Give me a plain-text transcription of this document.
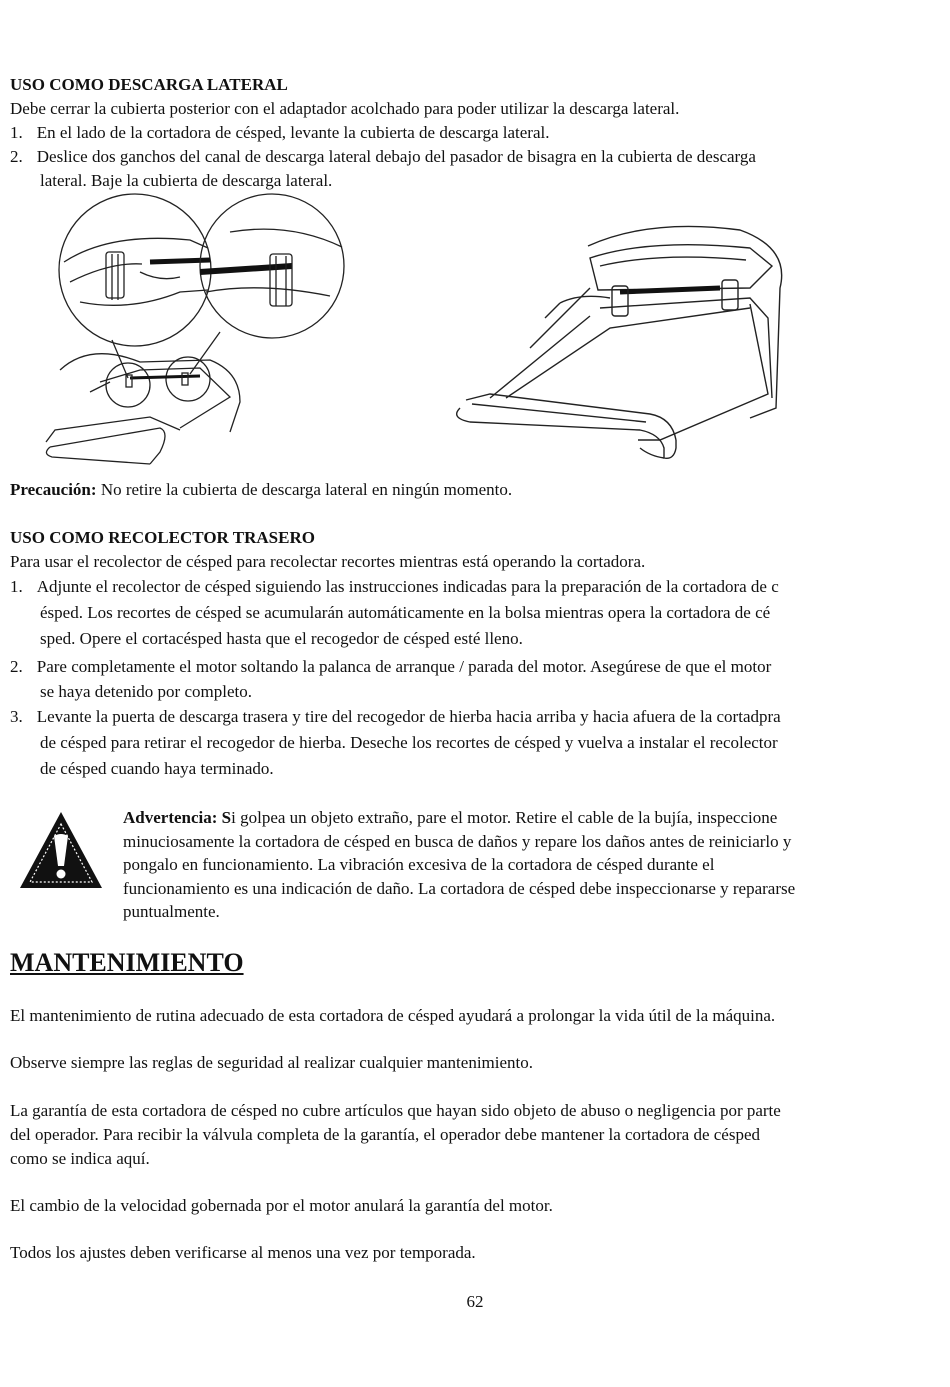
USO COMO DESCARGA LATERAL
Debe cerrar la cubierta posterior con el adaptador acolchado para poder utilizar la descarga lateral.
1. En el lado de la cortadora de césped, levante la cubierta de descarga lateral.
2. Deslice dos ganchos del canal de descarga lateral debajo del pasador de bisagra en la cubierta de descarga
lateral. Baje la cubierta de descarga lateral.
Precaución: No retire la cubierta de descarga lateral en ningún momento.
USO COMO RECOLECTOR TRASERO
Para usar el recolector de césped para recolectar recortes mientras está operando la cortadora.
1. Adjunte el recolector de césped siguiendo las instrucciones indicadas para la preparación de la cortadora de c
ésped. Los recortes de césped se acumularán automáticamente en la bolsa mientras opera la cortadora de cé
sped. Opere el cortacésped hasta que el recogedor de césped esté lleno.
2. Pare completamente el motor soltando la palanca de arranque / parada del motor. Asegúrese de que el motor
se haya detenido por completo.
3. Levante la puerta de descarga trasera y tire del recogedor de hierba hacia arriba y hacia afuera de la cortadpra
de césped para retirar el recogedor de hierba. Deseche los recortes de césped y vuelva a instalar el recolector
de césped cuando haya terminado.
Advertencia: Si golpea un objeto extraño, pare el motor. Retire el cable de la bujía, inspeccione
minuciosamente la cortadora de césped en busca de daños y repare los daños antes de reiniciarlo y
pongalo en funcionamiento. La vibración excesiva de la cortadora de césped durante el
funcionamiento es una indicación de daño. La cortadora de césped debe inspeccionarse y repararse
puntualmente.
MANTENIMIENTO
El mantenimiento de rutina adecuado de esta cortadora de césped ayudará a prolongar la vida útil de la máquina.
Observe siempre las reglas de seguridad al realizar cualquier mantenimiento.
La garantía de esta cortadora de césped no cubre artículos que hayan sido objeto de abuso o negligencia por parte
del operador. Para recibir la válvula completa de la garantía, el operador debe mantener la cortadora de césped
como se indica aquí.
El cambio de la velocidad gobernada por el motor anulará la garantía del motor.
Todos los ajustes deben verificarse al menos una vez por temporada.
62
